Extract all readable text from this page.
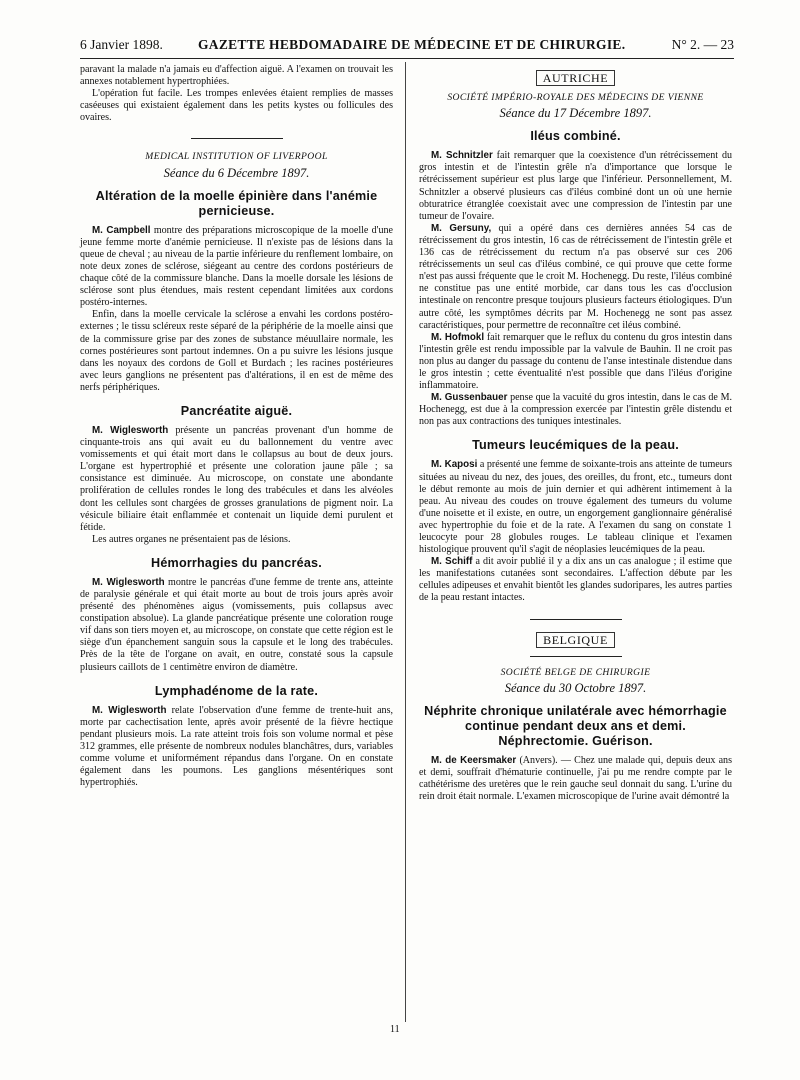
6 Janvier 1898.	GAZETTE HEBDOMADAIRE DE MÉDECINE ET DE CHIRURGIE.	N° 2. — 23

paravant la malade n'a jamais eu d'affection aiguë. A l'examen on trouvait les annexes notablement hypertrophiées.

L'opération fut facile. Les trompes enlevées étaient remplies de masses caséeuses qui existaient également dans les petits kystes ou follicules des ovaires.

MEDICAL INSTITUTION OF LIVERPOOL
Séance du 6 Décembre 1897.
Altération de la moelle épinière dans l'anémie pernicieuse.

M. Campbell montre des préparations microscopique de la moelle d'une jeune femme morte d'anémie pernicieuse. Il n'existe pas de lésions dans la queue de cheval ; au niveau de la partie inférieure du renflement lombaire, on note deux zones de sclérose, siégeant au centre des cordons postérieurs de chaque côté de la commissure blanche. Dans la moelle dorsale les lésions de sclérose sont plus étendues, mais restent cependant limitées aux cordons postéro-internes.

Enfin, dans la moelle cervicale la sclérose a envahi les cordons postéro-externes ; le tissu scléreux reste séparé de la périphérie de la moelle ainsi que de la commissure grise par des zones de substance méuullaire normale, les cornes postérieures sont partout indemnes. On a pu suivre les lésions jusque dans les noyaux des cordons de Goll et Burdach ; les racines postérieures avec leurs ganglions ne présentent pas d'altérations, il en est de même des nerfs périphériques.

Pancréatite aiguë.

M. Wiglesworth présente un pancréas provenant d'un homme de cinquante-trois ans qui avait eu du ballonnement du ventre avec vomissements et qui était mort dans le collapsus au bout de deux jours. L'organe est hypertrophié et présente une coloration jaune pâle ; sa consistance est diminuée. Au microscope, on constate une abondante prolifération de cellules rondes le long des trabécules et dans les alvéoles dont les cellules sont chargées de grosses granulations de pigment noir. La vésicule biliaire était enflammée et contenait un liquide demi purulent et fétide.

Les autres organes ne présentaient pas de lésions.

Hémorrhagies du pancréas.

M. Wiglesworth montre le pancréas d'une femme de trente ans, atteinte de paralysie générale et qui était morte au bout de trois jours après avoir présenté des phénomènes aigus (vomissements, puis collapsus avec constipation absolue). La glande pancréatique présente une coloration rouge vif dans son tiers moyen et, au microscope, on constate que cette région est le siège d'un épanchement sanguin sous la capsule et le long des trabécules. Près de la tête de l'organe on avait, en outre, constaté sous la capsule plusieurs caillots de 1 centimètre environ de diamètre.

Lymphadénome de la rate.

M. Wiglesworth relate l'observation d'une femme de trente-huit ans, morte par cachectisation lente, après avoir présenté de la fièvre hectique pendant plusieurs mois. La rate atteint trois fois son volume normal et pèse 312 grammes, elle présente de nombreux nodules blanchâtres, durs, variables comme volume et uniformément répandus dans l'organe. On en constate également dans les poumons. Les ganglions mésentériques sont hypertrophiés.

AUTRICHE
SOCIÉTÉ IMPÉRIO-ROYALE DES MÉDECINS DE VIENNE
Séance du 17 Décembre 1897.
Iléus combiné.

M. Schnitzler fait remarquer que la coexistence d'un rétrécissement du gros intestin et de l'intestin grêle n'a d'importance que lorsque le rétrécissement supérieur est plus large que l'inférieur. Personnellement, M. Schnitzler a observé plusieurs cas d'iléus combiné dont un où une hernie obturatrice étranglée coexistait avec une compression de l'intestin par une tumeur de l'ovaire.

M. Gersuny, qui a opéré dans ces dernières années 54 cas de rétrécissement du gros intestin, 16 cas de rétrécissement de l'intestin grêle et 136 cas de rétrécissement du rectum n'a pas observé sur ces 206 rétrécissements un seul cas d'iléus combiné, ce qui prouve que cette forme n'est pas aussi fréquente que le croit M. Hochenegg. Du reste, l'iléus combiné ne constitue pas une entité morbide, car dans tous les cas d'occlusion intestinale on rencontre presque toujours plusieurs facteurs étiologiques. D'un autre côté, les symptômes décrits par M. Hochenegg ne sont pas assez caractéristiques, pour permettre de reconnaître cet iléus combiné.

M. Hofmokl fait remarquer que le reflux du contenu du gros intestin dans l'intestin grêle est rendu impossible par la valvule de Bauhin. Il ne croit pas non plus au danger du passage du contenu de l'anse intestinale distendue dans le gros intestin ; cette éventualité n'est possible que dans l'iléus d'origine inflammatoire.

M. Gussenbauer pense que la vacuité du gros intestin, dans le cas de M. Hochenegg, est due à la compression exercée par l'intestin grêle distendu et non pas aux contractions des tuniques intestinales.

Tumeurs leucémiques de la peau.

M. Kaposi a présenté une femme de soixante-trois ans atteinte de tumeurs situées au niveau du nez, des joues, des oreilles, du front, etc., tumeurs dont le début remonte au mois de juin dernier et qui adhèrent intimement à la peau. Au niveau des coudes on trouve également des tumeurs du volume d'une noisette et il existe, en outre, un engorgement ganglionnaire généralisé avec hypertrophie du foie et de la rate. A l'examen du sang on constate 1 leucocyte pour 28 globules rouges. Le tableau clinique et l'examen histologique prouvent qu'il s'agit de néoplasies leucémiques de la peau.

M. Schiff a dit avoir publié il y a dix ans un cas analogue ; il estime que les manifestations cutanées sont secondaires. L'affection débute par les cellules adipeuses et envahit bientôt les glandes sudoripares, les autres parties de la peau restant intactes.

BELGIQUE
SOCIÉTÉ BELGE DE CHIRURGIE
Séance du 30 Octobre 1897.
Néphrite chronique unilatérale avec hémorrhagie continue pendant deux ans et demi. Néphrectomie. Guérison.

M. de Keersmaker (Anvers). — Chez une malade qui, depuis deux ans et demi, souffrait d'hématurie continuelle, j'ai pu me rendre compte par le cathétérisme des uretères que le rein gauche seul donnait du sang. L'urine du rein droit était normale. L'examen microscopique de l'urine avait démontré la

11
